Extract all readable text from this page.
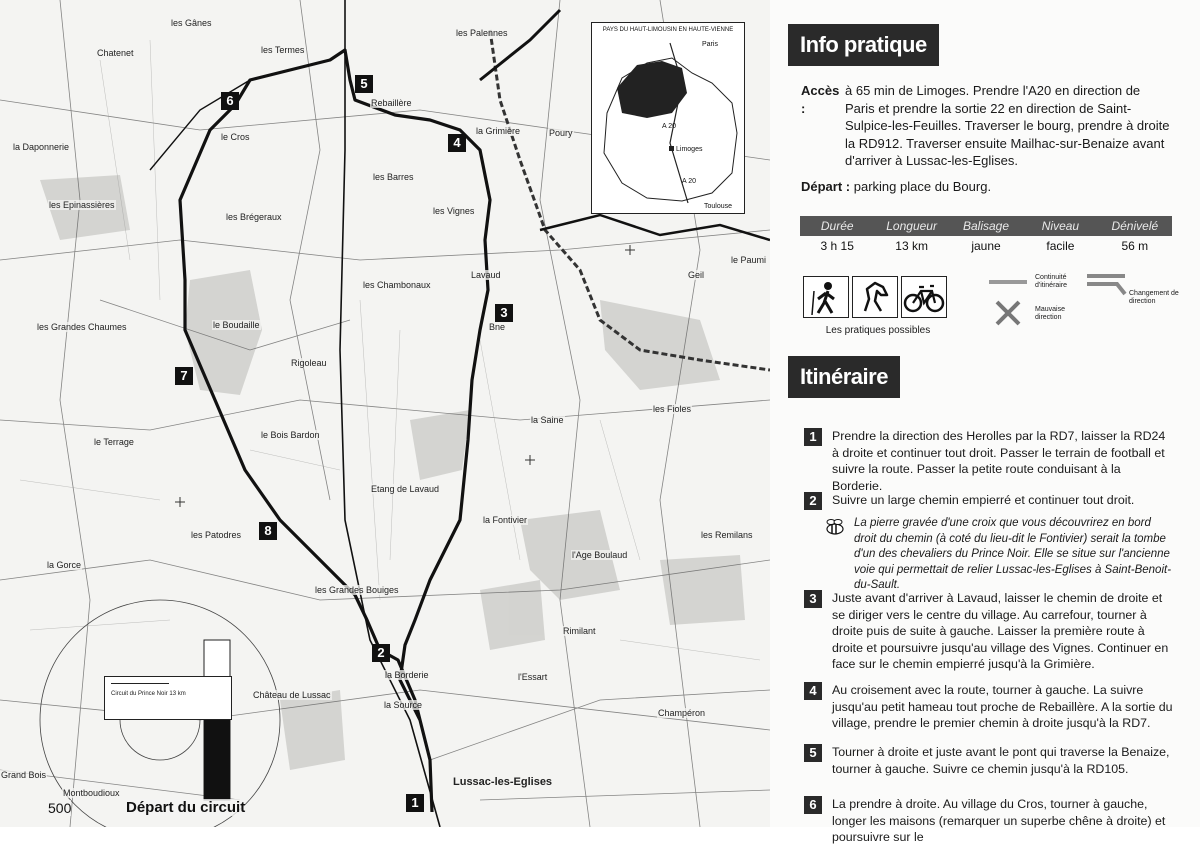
les Gânes
Chatenet	les Termes
les Palennes
Rebaillère
le Cros
la Grimière	Poury
la Daponnerie
les Barres
les Epinassières
les Brégeraux
les Vignes
les Chambonaux
Lavaud
le Paumi
Geil
les Grandes Chaumes	le Boudaille	Bne
Rigoleau
les Fioles
la Saine
le Bois Bardon
le Terrage
Etang de Lavaud
la Fontivier
les Patodres	les Remilans
l'Age Boulaud
la Gorce
les Grandes Bouiges
Rimilant
la Borderie	l'Essart
Château de Lussac
la Source
Champéron
Grand Bois
Montboudioux
Lussac-les-Eglises
1
2
3
4
5
6
7
8
PAYS DU HAUT-LIMOUSIN EN HAUTE-VIENNE
Paris
A 20
Limoges
A 20
Toulouse
Circuit du Prince Noir 13 km
500	Départ du circuit
Info pratique
Accès :à 65 min de Limoges. Prendre l'A20 en direction de Paris et prendre la sortie 22 en direction de Saint-Sulpice-les-Feuilles. Traverser le bourg, prendre à droite la RD912. Traverser ensuite Mailhac-sur-Benaize avant d'arriver à Lussac-les-Eglises.
Départ : parking place du Bourg.
Durée	Longueur	Balisage	Niveau	Dénivelé
3 h 15	13 km	jaune	facile	56 m
Les pratiques possibles
Continuité d'itinéraire
Mauvaise direction
Changement de direction
Itinéraire
1	Prendre la direction des Herolles par la RD7, laisser la RD24 à droite et continuer tout droit. Passer le terrain de football et suivre la route. Passer la petite route conduisant à la Borderie.
2	Suivre un large chemin empierré et continuer tout droit.
La pierre gravée d'une croix que vous découvrirez en bord droit du chemin (à coté du lieu-dit le Fontivier) serait la tombe d'un des chevaliers du Prince Noir. Elle se situe sur l'ancienne voie qui permettait de relier Lussac-les-Eglises à Saint-Benoit-du-Sault.
3	Juste avant d'arriver à Lavaud, laisser le chemin de droite et se diriger vers le centre du village. Au carrefour, tourner à droite puis de suite à gauche. Laisser la première route à droite et poursuivre jusqu'au village des Vignes. Continuer en face sur le chemin empierré jusqu'à la Grimière.
4	Au croisement avec la route, tourner à gauche. La suivre jusqu'au petit hameau tout proche de Rebaillère. A la sortie du village, prendre le premier chemin à droite jusqu'à la RD7.
5	Tourner à droite et juste avant le pont qui traverse la Benaize, tourner à gauche. Suivre ce chemin jusqu'à la RD105.
6	La prendre à droite. Au village du Cros, tourner à gauche, longer les maisons (remarquer un superbe chêne à droite) et poursuivre sur le
